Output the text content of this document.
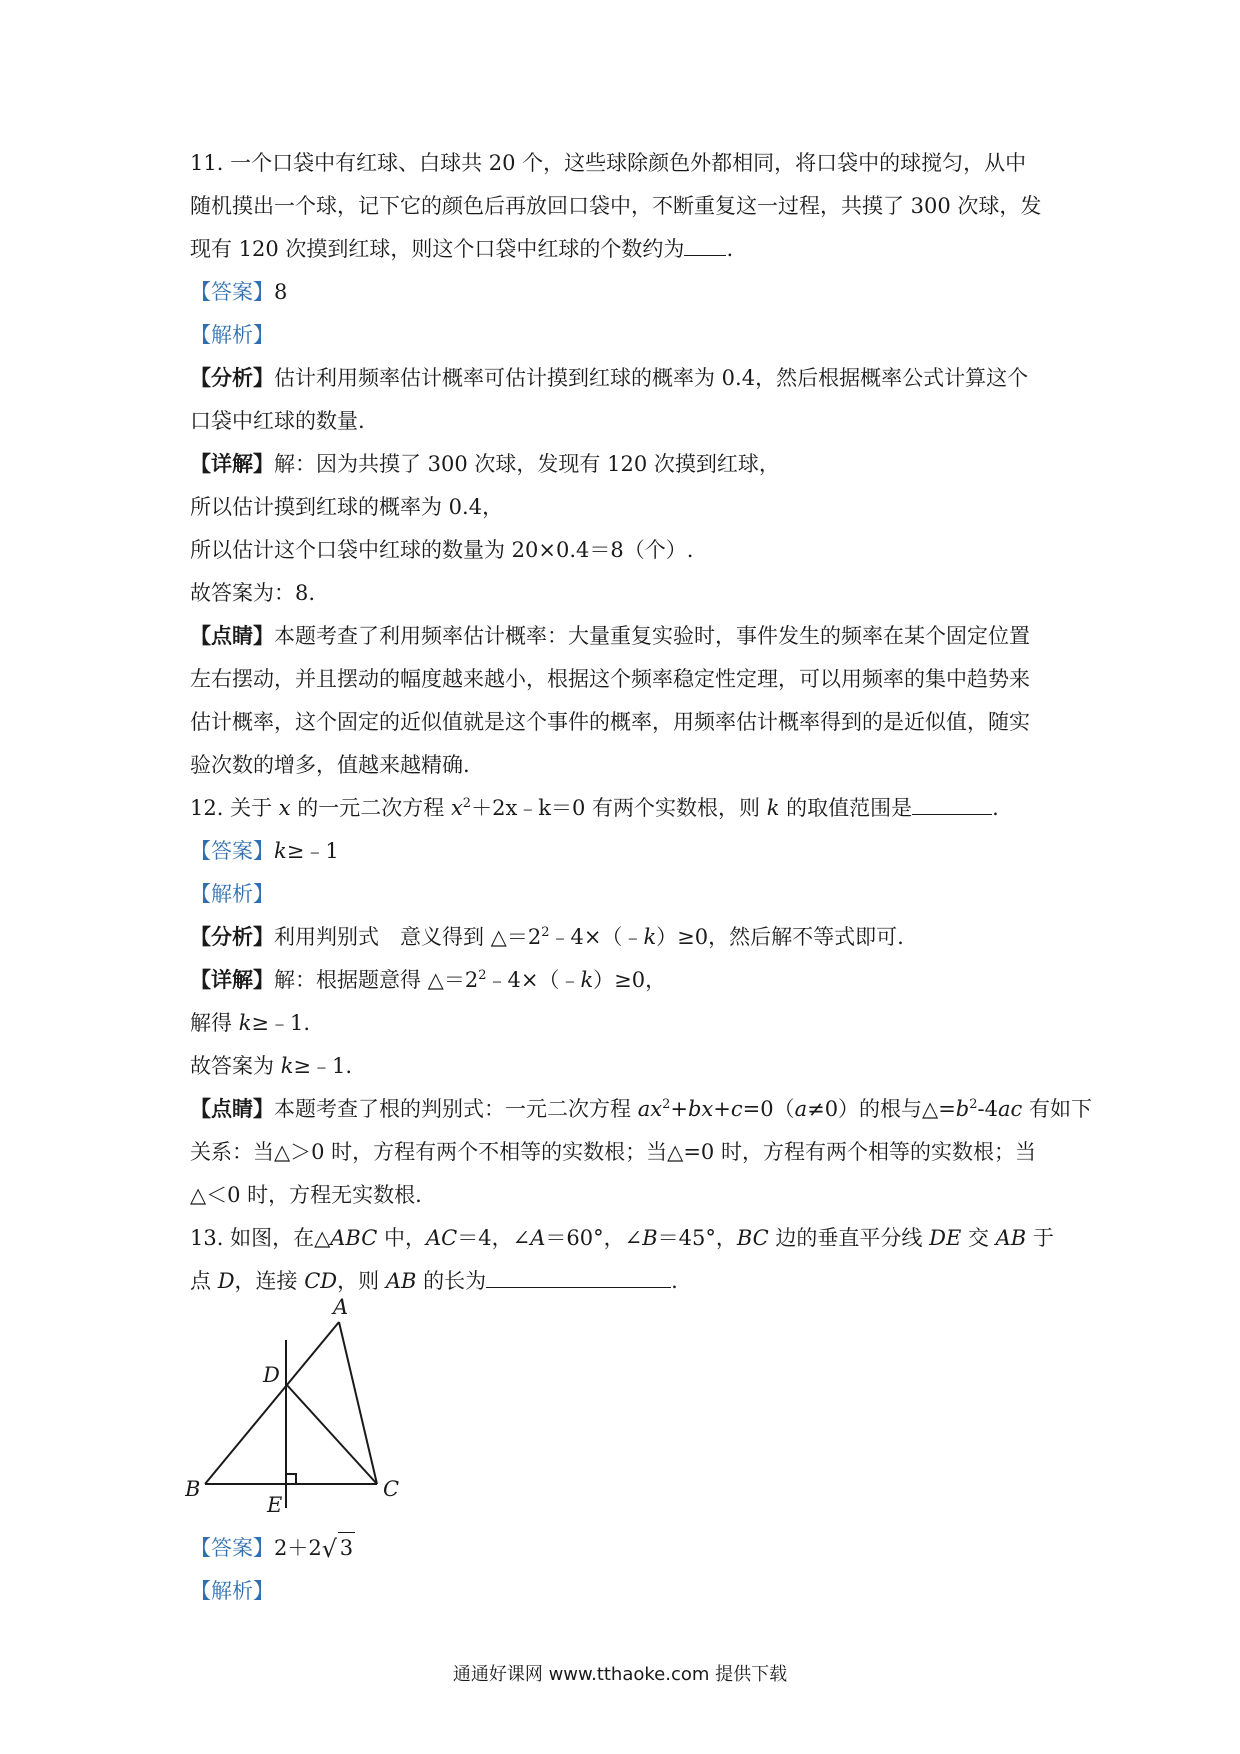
11. 一个口袋中有红球、白球共 20 个，这些球除颜色外都相同，将口袋中的球搅匀，从中
随机摸出一个球，记下它的颜色后再放回口袋中，不断重复这一过程，共摸了 300 次球，发
现有 120 次摸到红球，则这个口袋中红球的个数约为 .
【答案】8
【解析】
【分析】估计利用频率估计概率可估计摸到红球的概率为 0.4，然后根据概率公式计算这个
口袋中红球的数量.
【详解】解：因为共摸了 300 次球，发现有 120 次摸到红球，
所以估计摸到红球的概率为 0.4，
所以估计这个口袋中红球的数量为 20×0.4＝8（个）.
故答案为：8.
【点睛】本题考查了利用频率估计概率：大量重复实验时，事件发生的频率在某个固定位置
左右摆动，并且摆动的幅度越来越小，根据这个频率稳定性定理，可以用频率的集中趋势来
估计概率，这个固定的近似值就是这个事件的概率，用频率估计概率得到的是近似值，随实
验次数的增多，值越来越精确.
12. 关于 x 的一元二次方程 $x^2+2x﹣k=0$ 有两个实数根，则 k 的取值范围是	.
【答案】k≥﹣1
【解析】
【分析】利用判别式　意义得到 $\triangle=2^2﹣4\times(﹣k)\ge 0$，然后解不等式即可.
【详解】解：根据题意得 $\triangle=2^2﹣4\times(﹣k)\ge 0$，
解得 k≥﹣1.
故答案为 k≥﹣1.
【点睛】本题考查了根的判别式：一元二次方程 $ax^2+bx+c=0(a\ne 0)$的根与$\triangle=b^2-4ac$ 有如下
关系：当△＞0 时，方程有两个不相等的实数根；当△=0 时，方程有两个相等的实数根；当
△＜0 时，方程无实数根.
13. 如图，在△ABC 中，AC＝4，∠A＝60°，∠B＝45°，BC 边的垂直平分线 DE 交 AB 于
点 D，连接 CD，则 AB 的长为	.
A
B	C
D
E
【答案】2＋2 √ 3
【解析】
通通好课网 www.tthaoke.com 提供下载
